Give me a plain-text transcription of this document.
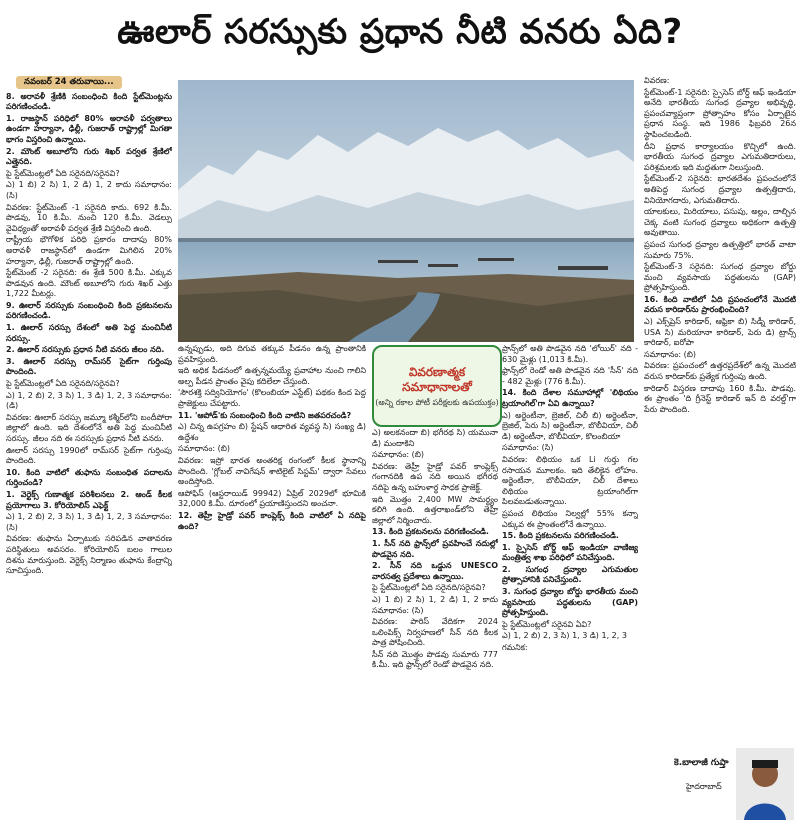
ఊలార్ సరస్సుకు ప్రధాన నీటి వనరు ఏది?
నవంబర్ 24 తరువాయి...

8. అరావళీ శ్రేణికి సంబంధించి కింది స్టేట్‌మెంట్లను పరిగణించండి.

1. రాజస్థాన్‌ పరిధిలో 80% అరావళీ పర్వతాలు ఉండగా హర్యానా, ఢిల్లీ, గుజరాత్ రాష్ట్రాల్లో మిగతా భాగం విస్తరించి ఉన్నాయి.

2. మౌంట్ అబూలోని గురు శిఖర్ పర్వత శ్రేణిలో ఎత్తైనది.

పై స్టేట్‌మెంట్లలో ఏది సరైనది/సరైనవి?

ఎ) 1 బి) 2 సి) 1, 2 డి) 1, 2 కాదు సమాధానం: (సి)

వివరణ: స్టేట్‌మెంట్ -1 సరైనది కాదు. 692 కి.మీ. పొడవు, 10 కి.మీ. నుంచి 120 కి.మీ. వెడల్పు వైవిధ్యంతో అరావళీ పర్వత శ్రేణి విస్తరించి ఉంది.

రాష్ట్రీయ భౌగోళిక పరిధి ప్రకారం దాదాపు 80% అరావళీ రాజస్థాన్‌లో ఉండగా మిగిలిన 20% హర్యానా, ఢిల్లీ, గుజరాత్ రాష్ట్రాల్లో ఉంది.

స్టేట్‌మెంట్ -2 సరైనది: ఈ శ్రేణి 500 కి.మీ. ఎక్కువ పొడవున ఉంది. మౌంట్ అబూలోని గురు శిఖర్ ఎత్తు 1,722 మీటర్లు.

9. ఊలార్ సరస్సుకు సంబంధించి కింది ప్రకటనలను పరిగణించండి.

1. ఊలార్ సరస్సు దేశంలో అతి పెద్ద మంచినీటి సరస్సు.

2. ఊలార్ సరస్సుకు ప్రధాన నీటి వనరు జీలం నది.

3. ఊలార్ సరస్సు రామ్‌సర్ సైట్‌గా గుర్తింపు పొందింది.

పై స్టేట్‌మెంట్లలో ఏది సరైనది/సరైనవి?

ఎ) 1, 2 బి) 2, 3 సి) 1, 3 డి) 1, 2, 3 సమాధానం: (డి)

వివరణ: ఊలార్ సరస్సు జమ్మూ కశ్మీర్‌లోని బందీపోరా జిల్లాలో ఉంది. ఇది దేశంలోనే అతి పెద్ద మంచినీటి సరస్సు. జీలం నది ఈ సరస్సుకు ప్రధాన నీటి వనరు.

ఊలార్ సరస్సు 1990లో రామ్‌సర్ సైట్‌గా గుర్తింపు పొందింది.

10. కింది వాటిలో తుఫాను సంబంధిత పదాలను గుర్తించండి?

1. వెర్టెక్స్ గుణాత్మక పరిశీలనలు 2. ఆండ్ కీలక ప్రయోగాలు 3. కోరియోలిస్ ఎఫెక్ట్

ఎ) 1, 2 బి) 2, 3 సి) 1, 3 డి) 1, 2, 3 సమాధానం: (సి)

వివరణ: తుఫాను ఏర్పాటుకు సరిపడిన వాతావరణ పరిస్థితులు అవసరం. కోరియోలిస్ బలం గాలుల దిశను మారుస్తుంది. వెర్టెక్స్ నిర్మాణం తుఫాను కేంద్రాన్ని సూచిస్తుంది.

ఉన్నప్పుడు, అది దిగువ తక్కువ పీడనం ఉన్న ప్రాంతానికి ప్రవహిస్తుంది.

ఇది అధిక పీడనంలో ఉత్పన్నమయ్యే ప్రవాహాల నుంచి గాలిని అల్ప పీడన ప్రాంతం వైపు కదిలేలా చేస్తుంది.

'సౌరశక్తి సద్వినియోగం' (కొలంబియా ఎస్టేట్) పథకం కింద పెద్ద ప్రాజెక్టులు చేపట్టారు.

11. 'ఆపోడ్'కు సంబంధించి కింది వాటిని జతపరచండి?

ఎ) చిన్న ఉపగ్రహం బి) స్టేషన్ ఆధారిత వ్యవస్థ సి) సంఖ్య డి) ఉద్దేశం

సమాధానం: (బి)

వివరణ: ఇస్రో భారత అంతరిక్ష రంగంలో కీలక స్థానాన్ని పొందింది. 'గ్లోబల్ నావిగేషన్ శాటిలైట్ సిస్టమ్' ద్వారా సేవలు అందిస్తోంది.

ఆపోఫిస్ (ఆస్టరాయిడ్ 99942) ఏప్రిల్ 2029లో భూమికి 32,000 కి.మీ. దూరంలో ప్రయాణిస్తుందని అంచనా.

12. తెహ్రీ హైడ్రో పవర్ కాంప్లెక్స్ కింది వాటిలో ఏ నదిపై ఉంది?

వివరణాత్మక సమాధానాలతో
(అన్ని రకాల పోటీ పరీక్షలకు ఉపయుక్తం)

ఎ) అలకనందా బి) భగీరథ సి) యమునా డి) మందాకిని

సమాధానం: (బి)

వివరణ: తెహ్రీ హైడ్రో పవర్ కాంప్లెక్స్ గంగానదికి ఉప నది అయిన భగీరథ నదిపై ఉన్న బహుళార్థ సాధక ప్రాజెక్ట్.

ఇది మొత్తం 2,400 MW సామర్థ్యం కలిగి ఉంది. ఉత్తరాఖండ్‌లోని తెహ్రీ జిల్లాలో నిర్మించారు.

13. కింది ప్రకటనలను పరిగణించండి.

1. సీన్ నది ఫ్రాన్స్‌లో ప్రవహించే నదుల్లో పొడవైన నది.

2. సీన్ నది ఒడ్డున UNESCO వారసత్వ ప్రదేశాలు ఉన్నాయి.

పై స్టేట్‌మెంట్లలో ఏది సరైనది/సరైనవి?

ఎ) 1 బి) 2 సి) 1, 2 డి) 1, 2 కాదు సమాధానం: (సి)

వివరణ: పారిస్ వేదికగా 2024 ఒలింపిక్స్ నిర్వహణలో సీన్ నది కీలక పాత్ర పోషించింది.

సీన్ నది మొత్తం పొడవు సుమారు 777 కి.మీ. ఇది ఫ్రాన్స్‌లో రెండో పొడవైన నది.

ప్రాన్స్‌లో అతి పొడవైన నది 'లోయిర్' నది - 630 మైళ్లు (1,013 కి.మీ).

ఫ్రాన్స్‌లో రెండో అతి పొడవైన నది 'సీన్' నది - 482 మైళ్లు (776 కి.మీ).

14. కింది దేశాల సమూహాల్లో 'లిథియం ట్రయాంగిల్'గా ఏవి ఉన్నాయి?

ఎ) అర్జెంటీనా, బ్రెజిల్, చిలీ బి) అర్జెంటీనా, బ్రెజిల్, పెరు సి) అర్జెంటీనా, బొలీవియా, చిలీ డి) అర్జెంటీనా, బొలీవియా, కొలంబియా

సమాధానం: (సి)

వివరణ: లిథియం ఒక Li గుర్తు గల రసాయన మూలకం. ఇది తేలికైన లోహం. అర్జెంటీనా, బొలీవియా, చిలీ దేశాలు లిథియం ట్రయాంగిల్‌గా పిలవబడుతున్నాయి.

ప్రపంచ లిథియం నిల్వల్లో 55% కన్నా ఎక్కువ ఈ ప్రాంతంలోనే ఉన్నాయి.

15. కింది ప్రకటనలను పరిగణించండి.

1. స్పైసెస్ బోర్డ్ ఆఫ్ ఇండియా వాణిజ్య మంత్రిత్వ శాఖ పరిధిలో పనిచేస్తుంది.

2. సుగంధ ద్రవ్యాల ఎగుమతుల ప్రోత్సాహానికి పనిచేస్తుంది.

3. సుగంధ ద్రవ్యాల బోర్డు భారతీయ మంచి వ్యవసాయ పద్ధతులను (GAP) ప్రోత్సహిస్తుంది.

పై స్టేట్‌మెంట్లలో సరైనవి ఏవి?

ఎ) 1, 2 బి) 2, 3 సి) 1, 3 డి) 1, 2, 3

గమనిక:

వివరణ:

స్టేట్‌మెంట్-1 సరైనది: స్పైసెస్ బోర్డ్ ఆఫ్ ఇండియా అనేది భారతీయ సుగంధ ద్రవ్యాల అభివృద్ధి, ప్రపంచవ్యాప్తంగా ప్రోత్సాహం కోసం ఏర్పాటైన ప్రధాన సంస్థ. ఇది 1986 ఫిబ్రవరి 26న స్థాపించబడింది.

దీని ప్రధాన కార్యాలయం కొచ్చిలో ఉంది. భారతీయ సుగంధ ద్రవ్యాల ఎగుమతిదారులు, పరిశ్రమలకు ఇది మద్దతుగా నిలుస్తుంది.

స్టేట్‌మెంట్-2 సరైనది: భారతదేశం ప్రపంచంలోనే అతిపెద్ద సుగంధ ద్రవ్యాల ఉత్పత్తిదారు, వినియోగదారు, ఎగుమతిదారు.

యాలకులు, మిరియాలు, పసుపు, అల్లం, దాల్చిన చెక్క వంటి సుగంధ ద్రవ్యాలు అధికంగా ఉత్పత్తి అవుతాయి.

ప్రపంచ సుగంధ ద్రవ్యాల ఉత్పత్తిలో భారత్ వాటా సుమారు 75%.

స్టేట్‌మెంట్-3 సరైనది: సుగంధ ద్రవ్యాల బోర్డు మంచి వ్యవసాయ పద్ధతులను (GAP) ప్రోత్సహిస్తుంది.

16. కింది వాటిలో ఏది ప్రపంచంలోనే మొదటి వరుస కారిడార్‌ను ప్రారంభించింది?

ఎ) ఎక్స్‌ప్రెస్ కారిడార్, ఆఫ్రికా బి) సిడ్నీ కారిడార్, USA సి) మరియానా కారిడార్, పెరు డి) ట్రాన్స్ కారిడార్, ఐరోపా

సమాధానం: (బి)

వివరణ: ప్రపంచంలో ఉత్తరప్రదేశ్‌లో ఉన్న మొదటి వరుస కారిడార్‌కు ప్రత్యేక గుర్తింపు ఉంది.

కారిడార్ విస్తరణ దాదాపు 160 కి.మీ. పొడవు. ఈ ప్రాంతం 'ది గ్రీనెస్ట్ కారిడార్ ఇన్ ది వరల్డ్'గా పేరు పొందింది.

కె.బాలాజీ గుప్తా
హైదరాబాద్
